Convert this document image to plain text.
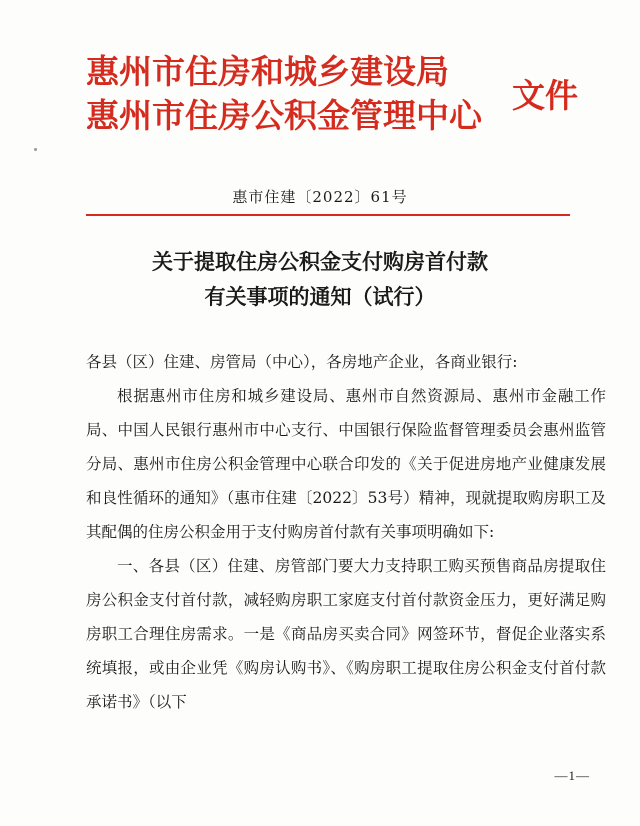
惠州市住房和城乡建设局
惠州市住房公积金管理中心
文件
惠市住建〔2022〕61号
关于提取住房公积金支付购房首付款
有关事项的通知（试行）

各县（区）住建、房管局（中心），各房地产企业，各商业银行:

根据惠州市住房和城乡建设局、惠州市自然资源局、惠州市金融工作局、中国人民银行惠州市中心支行、中国银行保险监督管理委员会惠州监管分局、惠州市住房公积金管理中心联合印发的《关于促进房地产业健康发展和良性循环的通知》（惠市住建〔2022〕53号）精神，现就提取购房职工及其配偶的住房公积金用于支付购房首付款有关事项明确如下:

一、各县（区）住建、房管部门要大力支持职工购买预售商品房提取住房公积金支付首付款，减轻购房职工家庭支付首付款资金压力，更好满足购房职工合理住房需求。一是《商品房买卖合同》网签环节，督促企业落实系统填报，或由企业凭《购房认购书》、《购房职工提取住房公积金支付首付款承诺书》（以下

—1—
